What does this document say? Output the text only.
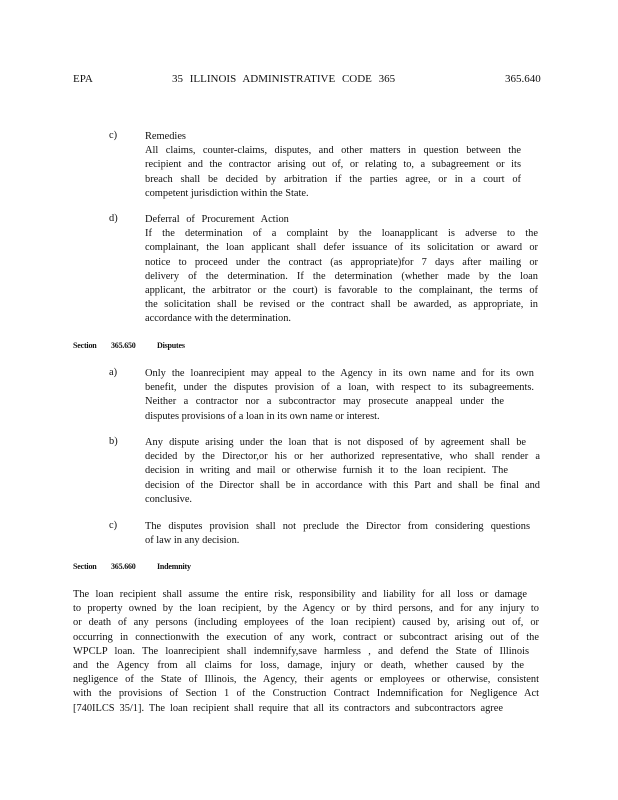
EPA	35 ILLINOIS ADMINISTRATIVE CODE 365	365.640
c)	Remedies
All claims, counter-claims, disputes, and other matters in question between the
recipient and the contractor arising out of, or relating to, a subagreement or its
breach shall be decided by arbitration if the parties agree, or in a court of
competent jurisdiction within the State.
d)	Deferral of Procurement Action
If the determination of a complaint by the loanapplicant is adverse to the
complainant, the loan applicant shall defer issuance of its solicitation or award or
notice to proceed under the contract (as appropriate)for 7 days after mailing or
delivery of the determination. If the determination (whether made by the loan
applicant, the arbitrator or the court) is favorable to the complainant, the terms of
the solicitation shall be revised or the contract shall be awarded, as appropriate, in
accordance with the determination.
Section 365.650	Disputes
a)	Only the loanrecipient may appeal to the Agency in its own name and for its own
benefit, under the disputes provision of a loan, with respect to its subagreements.
Neither a contractor nor a subcontractor may prosecute anappeal under the
disputes provisions of a loan in its own name or interest.
b)	Any dispute arising under the loan that is not disposed of by agreement shall be
decided by the Director,or his or her authorized representative, who shall render a
decision in writing and mail or otherwise furnish it to the loan recipient. The
decision of the Director shall be in accordance with this Part and shall be final and
conclusive.
c)	The disputes provision shall not preclude the Director from considering questions
of law in any decision.
Section 365.660	Indemnity
The loan recipient shall assume the entire risk, responsibility and liability for all loss or damage
to property owned by the loan recipient, by the Agency or by third persons, and for any injury to
or death of any persons (including employees of the loan recipient) caused by, arising out of, or
occurring in connectionwith the execution of any work, contract or subcontract arising out of the
WPCLP loan. The loanrecipient shall indemnify,save harmless , and defend the State of Illinois
and the Agency from all claims for loss, damage, injury or death, whether caused by the
negligence of the State of Illinois, the Agency, their agents or employees or otherwise, consistent
with the provisions of Section 1 of the Construction Contract Indemnification for Negligence Act
[740ILCS 35/1]. The loan recipient shall require that all its contractors and subcontractors agree
